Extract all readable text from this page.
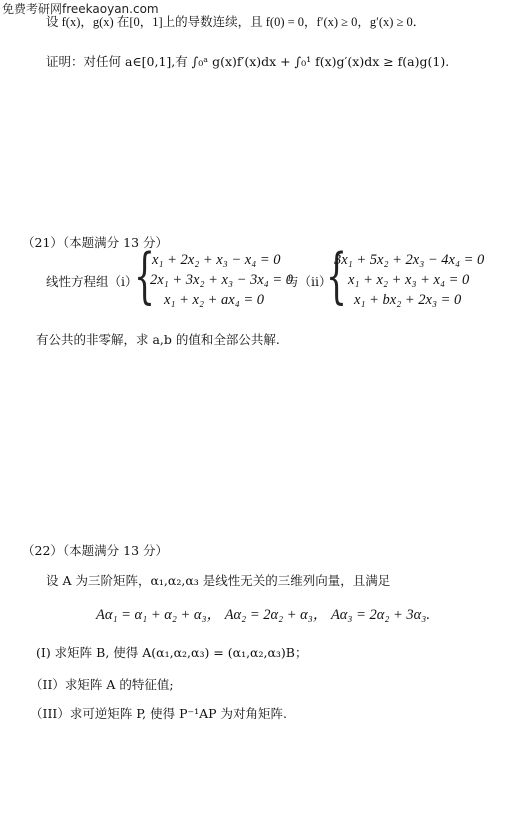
免费考研网freekaoyan.com
设 f(x)，g(x) 在[0，1]上的导数连续，且 f(0) = 0，f′(x) ≥ 0，g′(x) ≥ 0．
证明：对任何 a∈[0,1],有 ∫₀ᵃ g(x)f′(x)dx + ∫₀¹ f(x)g′(x)dx ≥ f(a)g(1).
（21）（本题满分 13 分）
线性方程组（i）
{
x₁ + 2x₂ + x₃ − x₄ = 0
2x₁ + 3x₂ + x₃ − 3x₄ = 0
x₁ + x₂ + ax₄ = 0
与（ii）
{
3x₁ + 5x₂ + 2x₃ − 4x₄ = 0
x₁ + x₂ + x₃ + x₄ = 0
x₁ + bx₂ + 2x₃ = 0
有公共的非零解，求 a,b 的值和全部公共解.
（22）（本题满分 13 分）
设 A 为三阶矩阵，α₁,α₂,α₃ 是线性无关的三维列向量，且满足
Aα₁ = α₁ + α₂ + α₃， Aα₂ = 2α₂ + α₃， Aα₃ = 2α₂ + 3α₃.
(I) 求矩阵 B, 使得 A(α₁,α₂,α₃) = (α₁,α₂,α₃)B；
（II）求矩阵 A 的特征值;
（III）求可逆矩阵 P, 使得 P⁻¹AP 为对角矩阵.
